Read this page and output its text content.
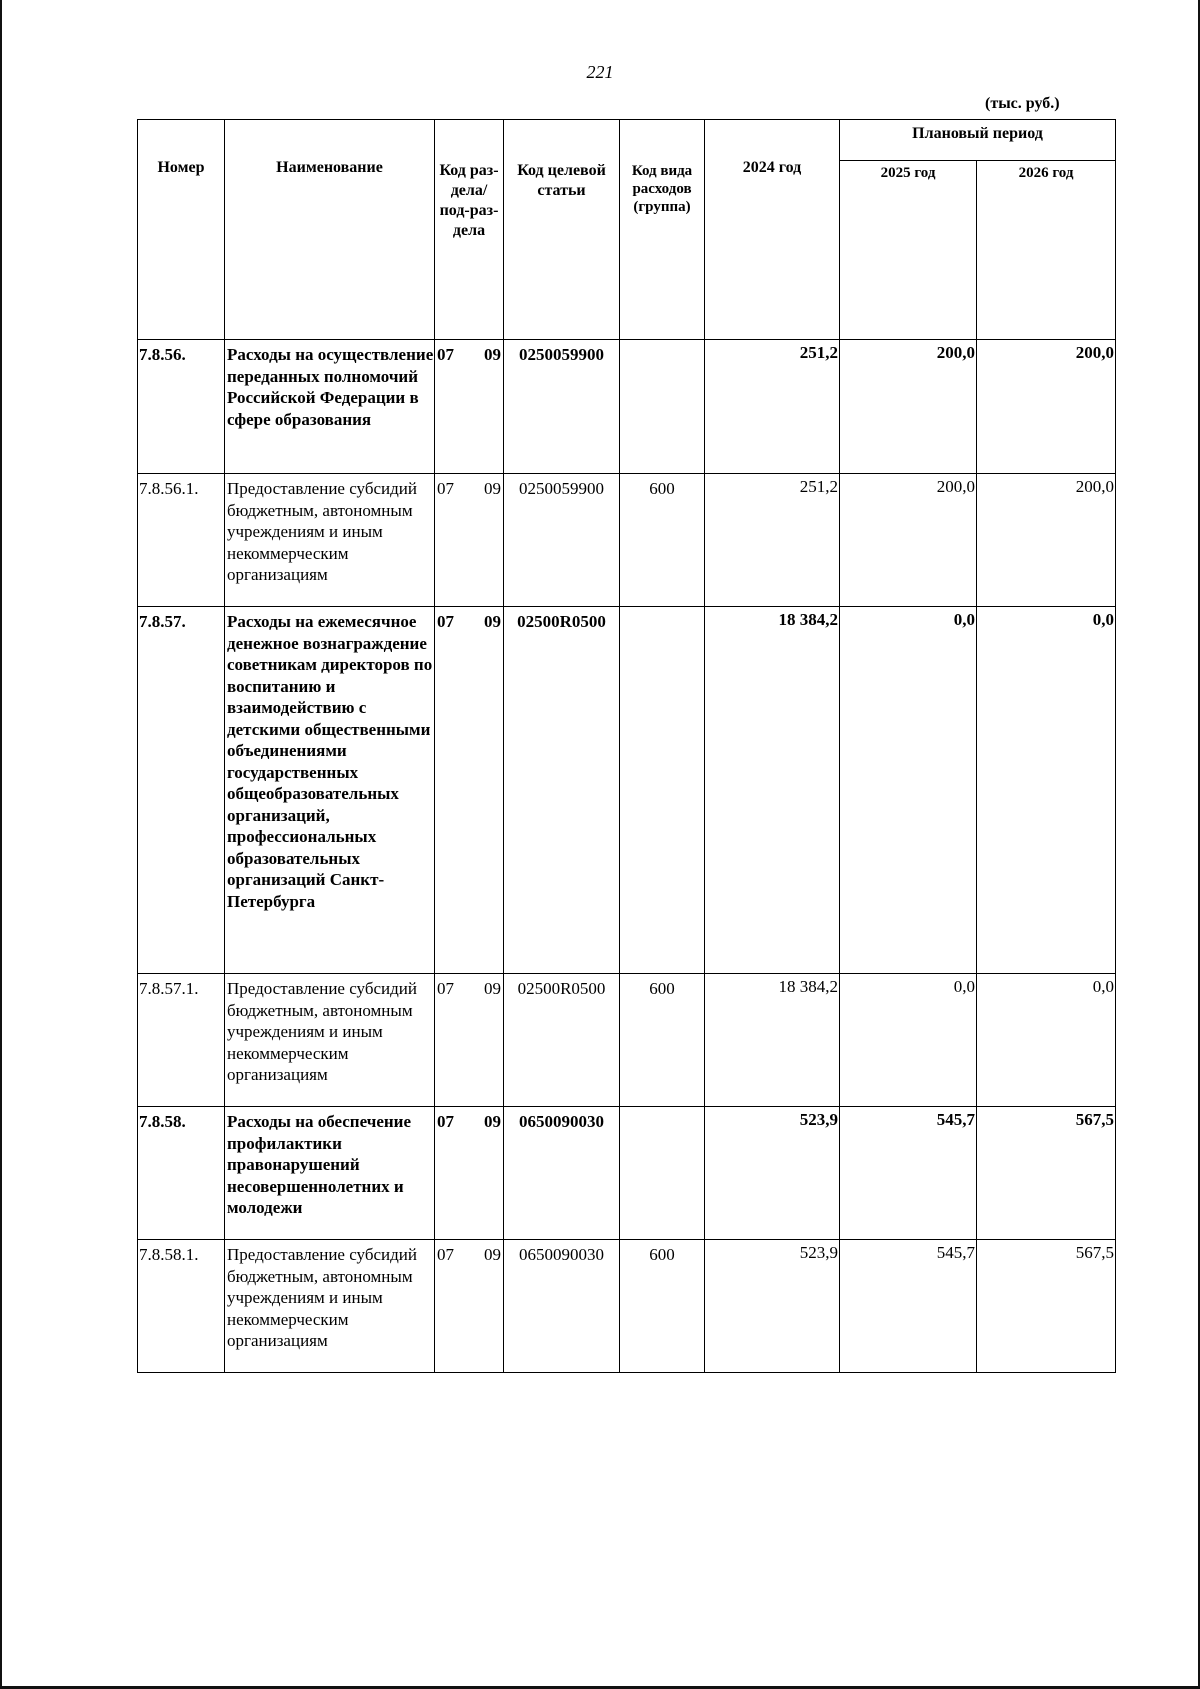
221
(тыс. руб.)
Номер	Наименование	Код раз-дела/ под-раз-дела	Код целевой статьи	Код вида расходов (группа)	2024 год	Плановый период	
						2025 год	2026 год
7.8.56.	Расходы на осуществление переданных полномочий Российской Федерации в сфере образования	07 09	0250059900		251,2	200,0	200,0
7.8.56.1.	Предоставление субсидий бюджетным, автономным учреждениям и иным некоммерческим организациям	07 09	0250059900	600	251,2	200,0	200,0
7.8.57.	Расходы на ежемесячное денежное вознаграждение советникам директоров по воспитанию и взаимодействию с детскими общественными объединениями государственных общеобразовательных организаций, профессиональных образовательных организаций Санкт-Петербурга	07 09	02500R0500		18 384,2	0,0	0,0
7.8.57.1.	Предоставление субсидий бюджетным, автономным учреждениям и иным некоммерческим организациям	07 09	02500R0500	600	18 384,2	0,0	0,0
7.8.58.	Расходы на обеспечение профилактики правонарушений несовершеннолетних и молодежи	07 09	0650090030		523,9	545,7	567,5
7.8.58.1.	Предоставление субсидий бюджетным, автономным учреждениям и иным некоммерческим организациям	07 09	0650090030	600	523,9	545,7	567,5
